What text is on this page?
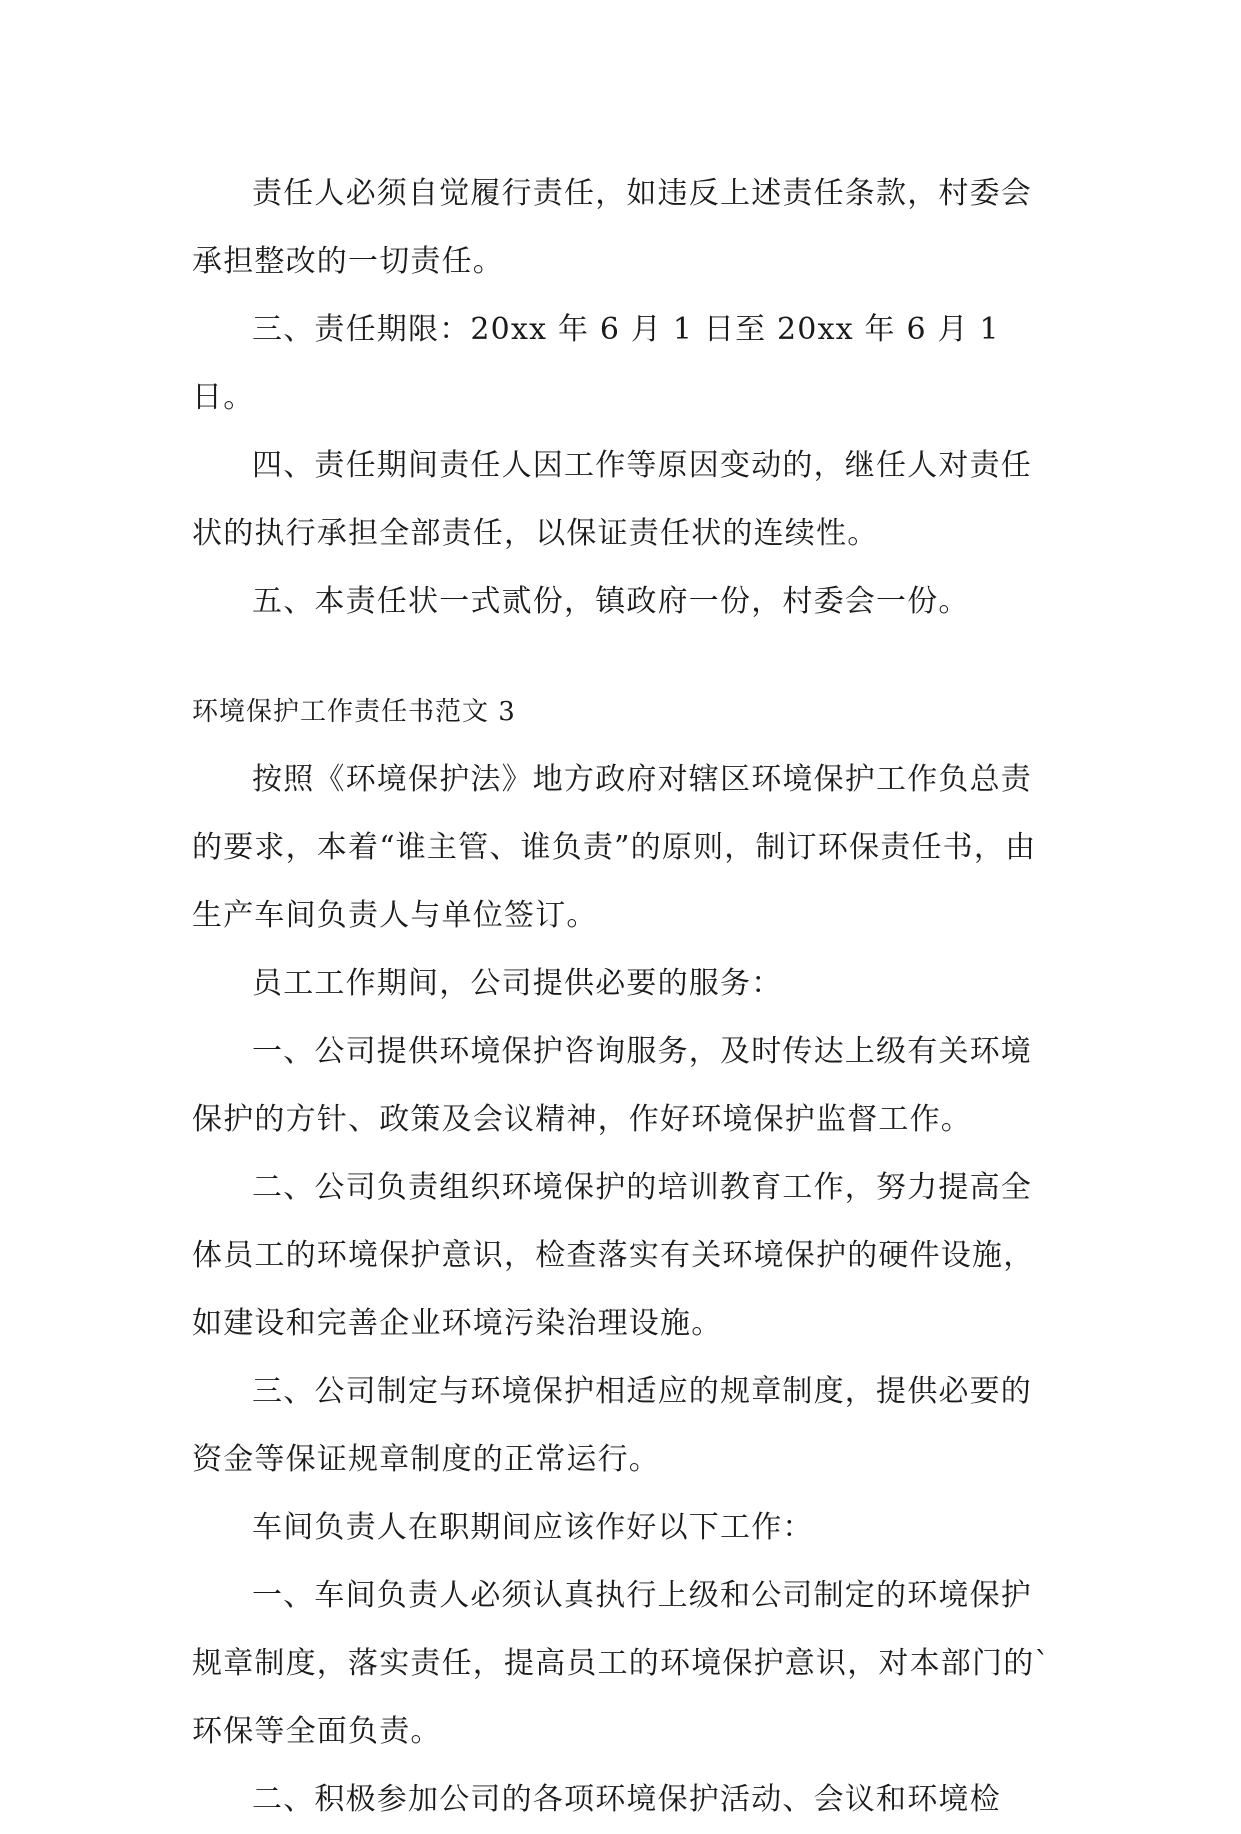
责任人必须自觉履行责任，如违反上述责任条款，村委会承担整改的一切责任。

三、责任期限：20xx 年 6 月 1 日至 20xx 年 6 月 1 日。

四、责任期间责任人因工作等原因变动的，继任人对责任状的执行承担全部责任，以保证责任状的连续性。

五、本责任状一式贰份，镇政府一份，村委会一份。

环境保护工作责任书范文 3

按照《环境保护法》地方政府对辖区环境保护工作负总责的要求，本着“谁主管、谁负责”的原则，制订环保责任书，由生产车间负责人与单位签订。

员工工作期间，公司提供必要的服务：

一、公司提供环境保护咨询服务，及时传达上级有关环境保护的方针、政策及会议精神，作好环境保护监督工作。

二、公司负责组织环境保护的培训教育工作，努力提高全体员工的环境保护意识，检查落实有关环境保护的硬件设施，如建设和完善企业环境污染治理设施。

三、公司制定与环境保护相适应的规章制度，提供必要的资金等保证规章制度的正常运行。

车间负责人在职期间应该作好以下工作：

一、车间负责人必须认真执行上级和公司制定的环境保护规章制度，落实责任，提高员工的环境保护意识，对本部门的`环保等全面负责。

二、积极参加公司的各项环境保护活动、会议和环境检
